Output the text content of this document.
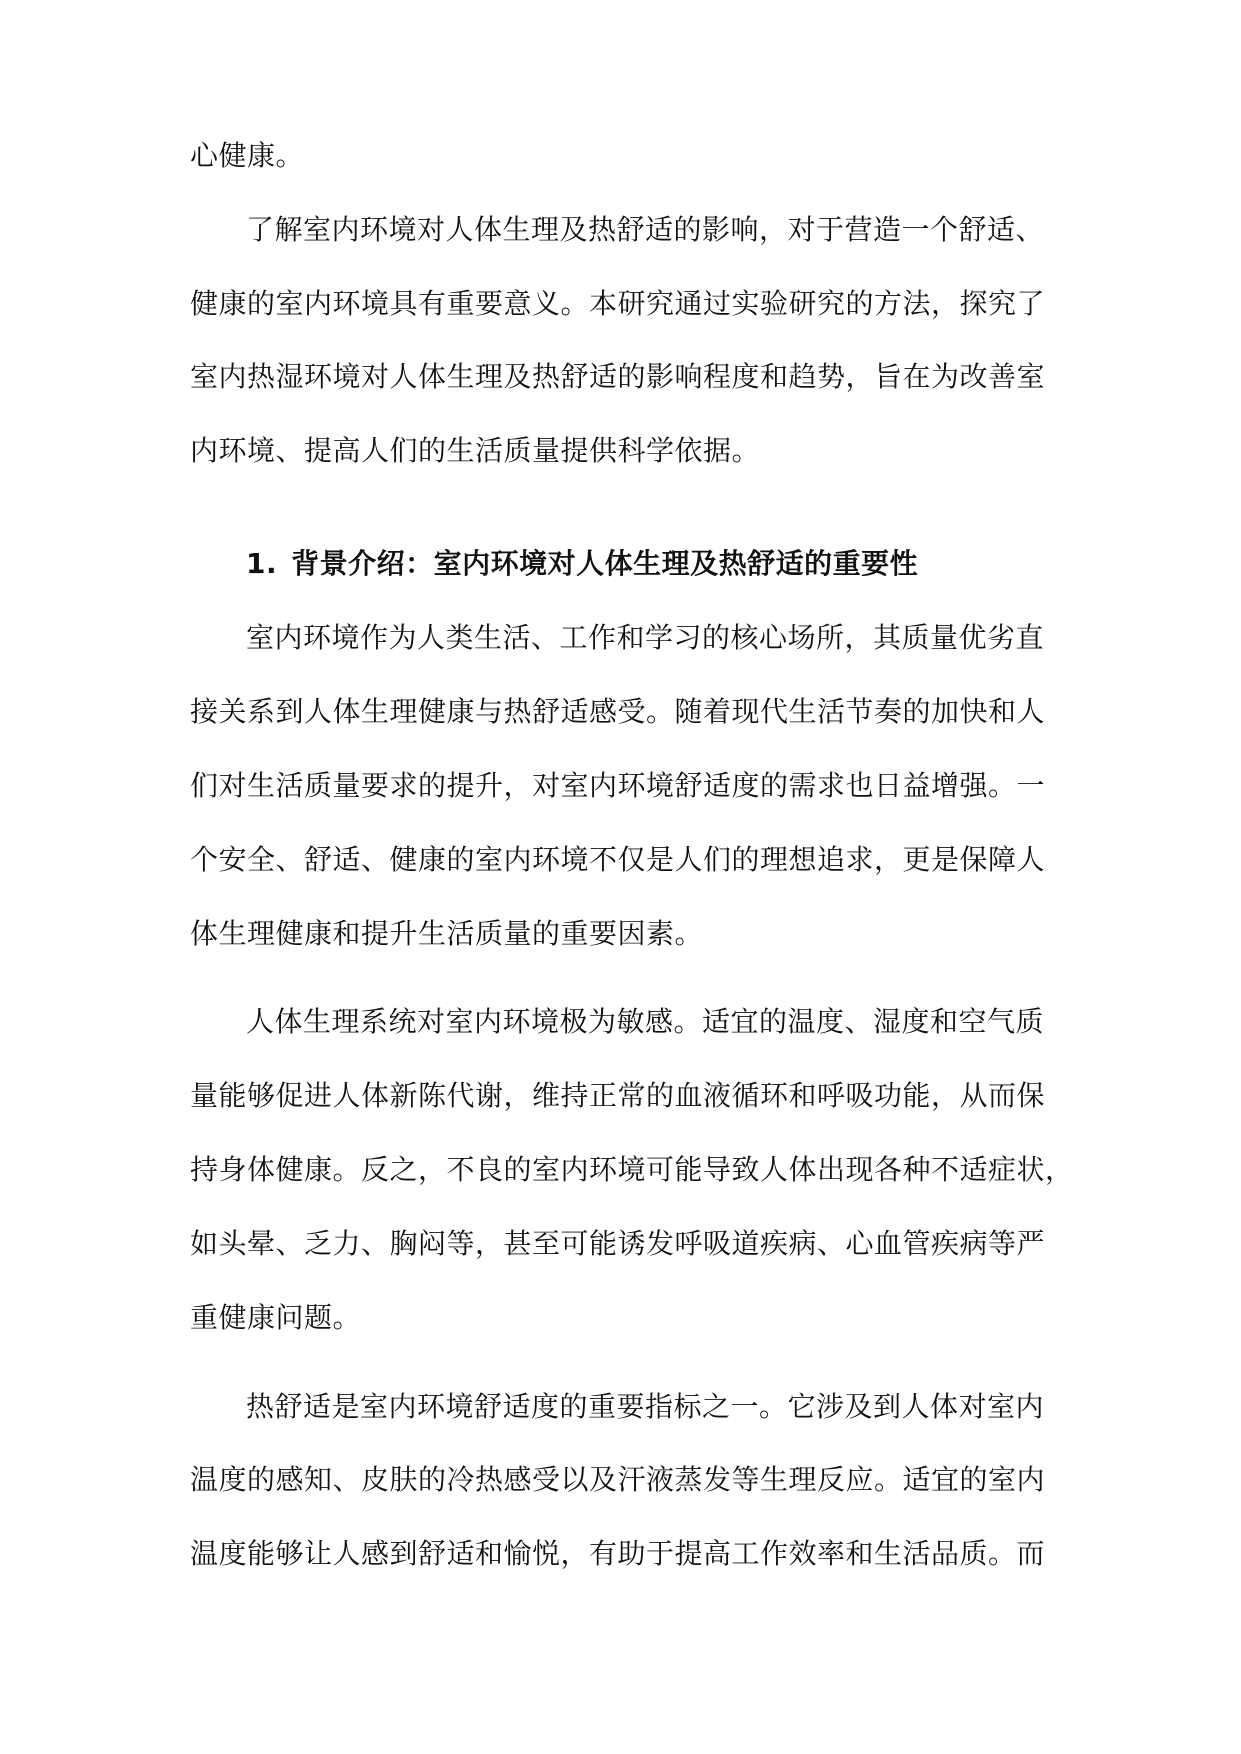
心健康。
了解室内环境对人体生理及热舒适的影响，对于营造一个舒适、
健康的室内环境具有重要意义。本研究通过实验研究的方法，探究了
室内热湿环境对人体生理及热舒适的影响程度和趋势，旨在为改善室
内环境、提高人们的生活质量提供科学依据。
1. 背景介绍：室内环境对人体生理及热舒适的重要性
室内环境作为人类生活、工作和学习的核心场所，其质量优劣直
接关系到人体生理健康与热舒适感受。随着现代生活节奏的加快和人
们对生活质量要求的提升，对室内环境舒适度的需求也日益增强。一
个安全、舒适、健康的室内环境不仅是人们的理想追求，更是保障人
体生理健康和提升生活质量的重要因素。
人体生理系统对室内环境极为敏感。适宜的温度、湿度和空气质
量能够促进人体新陈代谢，维持正常的血液循环和呼吸功能，从而保
持身体健康。反之，不良的室内环境可能导致人体出现各种不适症状，
如头晕、乏力、胸闷等，甚至可能诱发呼吸道疾病、心血管疾病等严
重健康问题。
热舒适是室内环境舒适度的重要指标之一。它涉及到人体对室内
温度的感知、皮肤的冷热感受以及汗液蒸发等生理反应。适宜的室内
温度能够让人感到舒适和愉悦，有助于提高工作效率和生活品质。而
